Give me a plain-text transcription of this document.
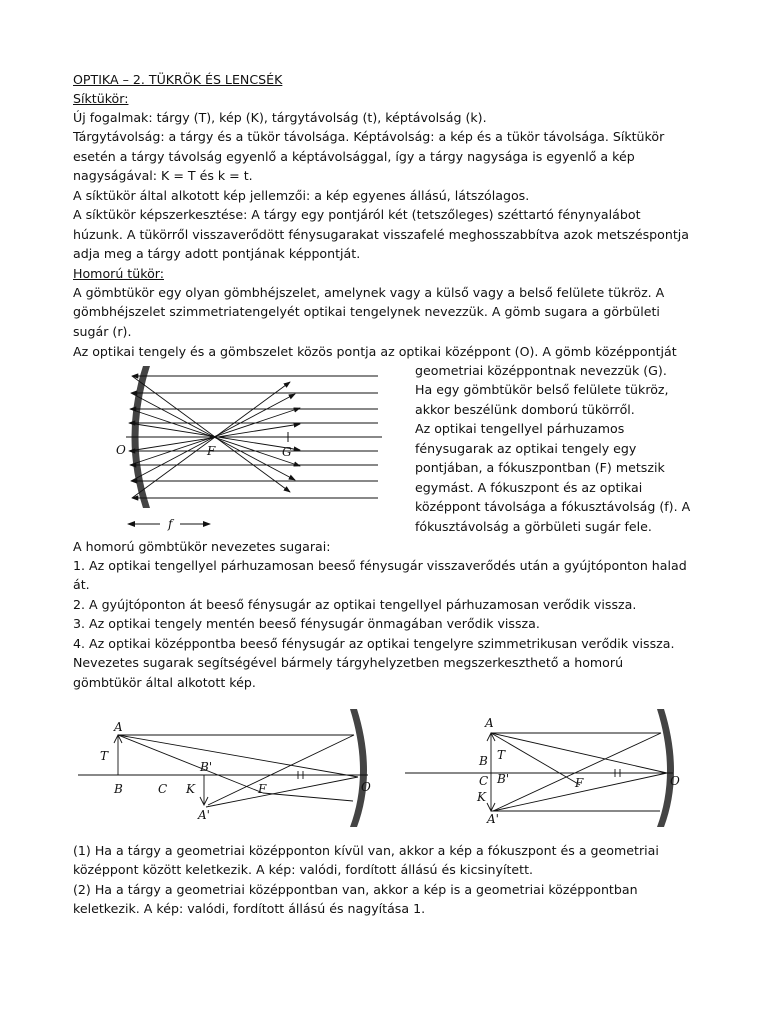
OPTIKA – 2. TÜKRÖK ÉS LENCSÉK
Síktükör:
Új fogalmak: tárgy (T), kép (K), tárgytávolság (t), képtávolság (k).
Tárgytávolság: a tárgy és a tükör távolsága. Képtávolság: a kép és a tükör távolsága. Síktükör
esetén a tárgy távolság egyenlő a képtávolsággal, így a tárgy nagysága is egyenlő a kép
nagyságával: K = T és k = t.
A síktükör által alkotott kép jellemzői: a kép egyenes állású, látszólagos.
A síktükör képszerkesztése: A tárgy egy pontjáról két (tetszőleges) széttartó fénynyalábot
húzunk. A tükörről visszaverődött fénysugarakat visszafelé meghosszabbítva azok metszéspontja
adja meg a tárgy adott pontjának képpontját.
Homorú tükör:
A gömbtükör egy olyan gömbhéjszelet, amelynek vagy a külső vagy a belső felülete tükröz. A
gömbhéjszelet szimmetriatengelyét optikai tengelynek nevezzük. A gömb sugara a görbületi
sugár (r).
Az optikai tengely és a gömbszelet közös pontja az optikai középpont (O). A gömb középpontját
geometriai középpontnak nevezzük (G).
Ha egy gömbtükör belső felülete tükröz,
akkor beszélünk domború tükörről.
Az optikai tengellyel párhuzamos
fénysugarak az optikai tengely egy
pontjában, a fókuszpontban (F) metszik
egymást. A fókuszpont és az optikai
középpont távolsága a fókusztávolság (f). A
fókusztávolság a görbületi sugár fele.
O	F	G
f
A homorú gömbtükör nevezetes sugarai:
1. Az optikai tengellyel párhuzamosan beeső fénysugár visszaverődés után a gyújtóponton halad
át.
2. A gyújtóponton át beeső fénysugár az optikai tengellyel párhuzamosan verődik vissza.
3. Az optikai tengely mentén beeső fénysugár önmagában verődik vissza.
4. Az optikai középpontba beeső fénysugár az optikai tengelyre szimmetrikusan verődik vissza.
Nevezetes sugarak segítségével bármely tárgyhelyzetben megszerkeszthető a homorú
gömbtükör által alkotott kép.
A
T
B'
B	C K	F
A'
O
A
T
B
C B'
K
F
A'
O
(1) Ha a tárgy a geometriai középponton kívül van, akkor a kép a fókuszpont és a geometriai
középpont között keletkezik. A kép: valódi, fordított állású és kicsinyített.
(2) Ha a tárgy a geometriai középpontban van, akkor a kép is a geometriai középpontban
keletkezik. A kép: valódi, fordított állású és nagyítása 1.
